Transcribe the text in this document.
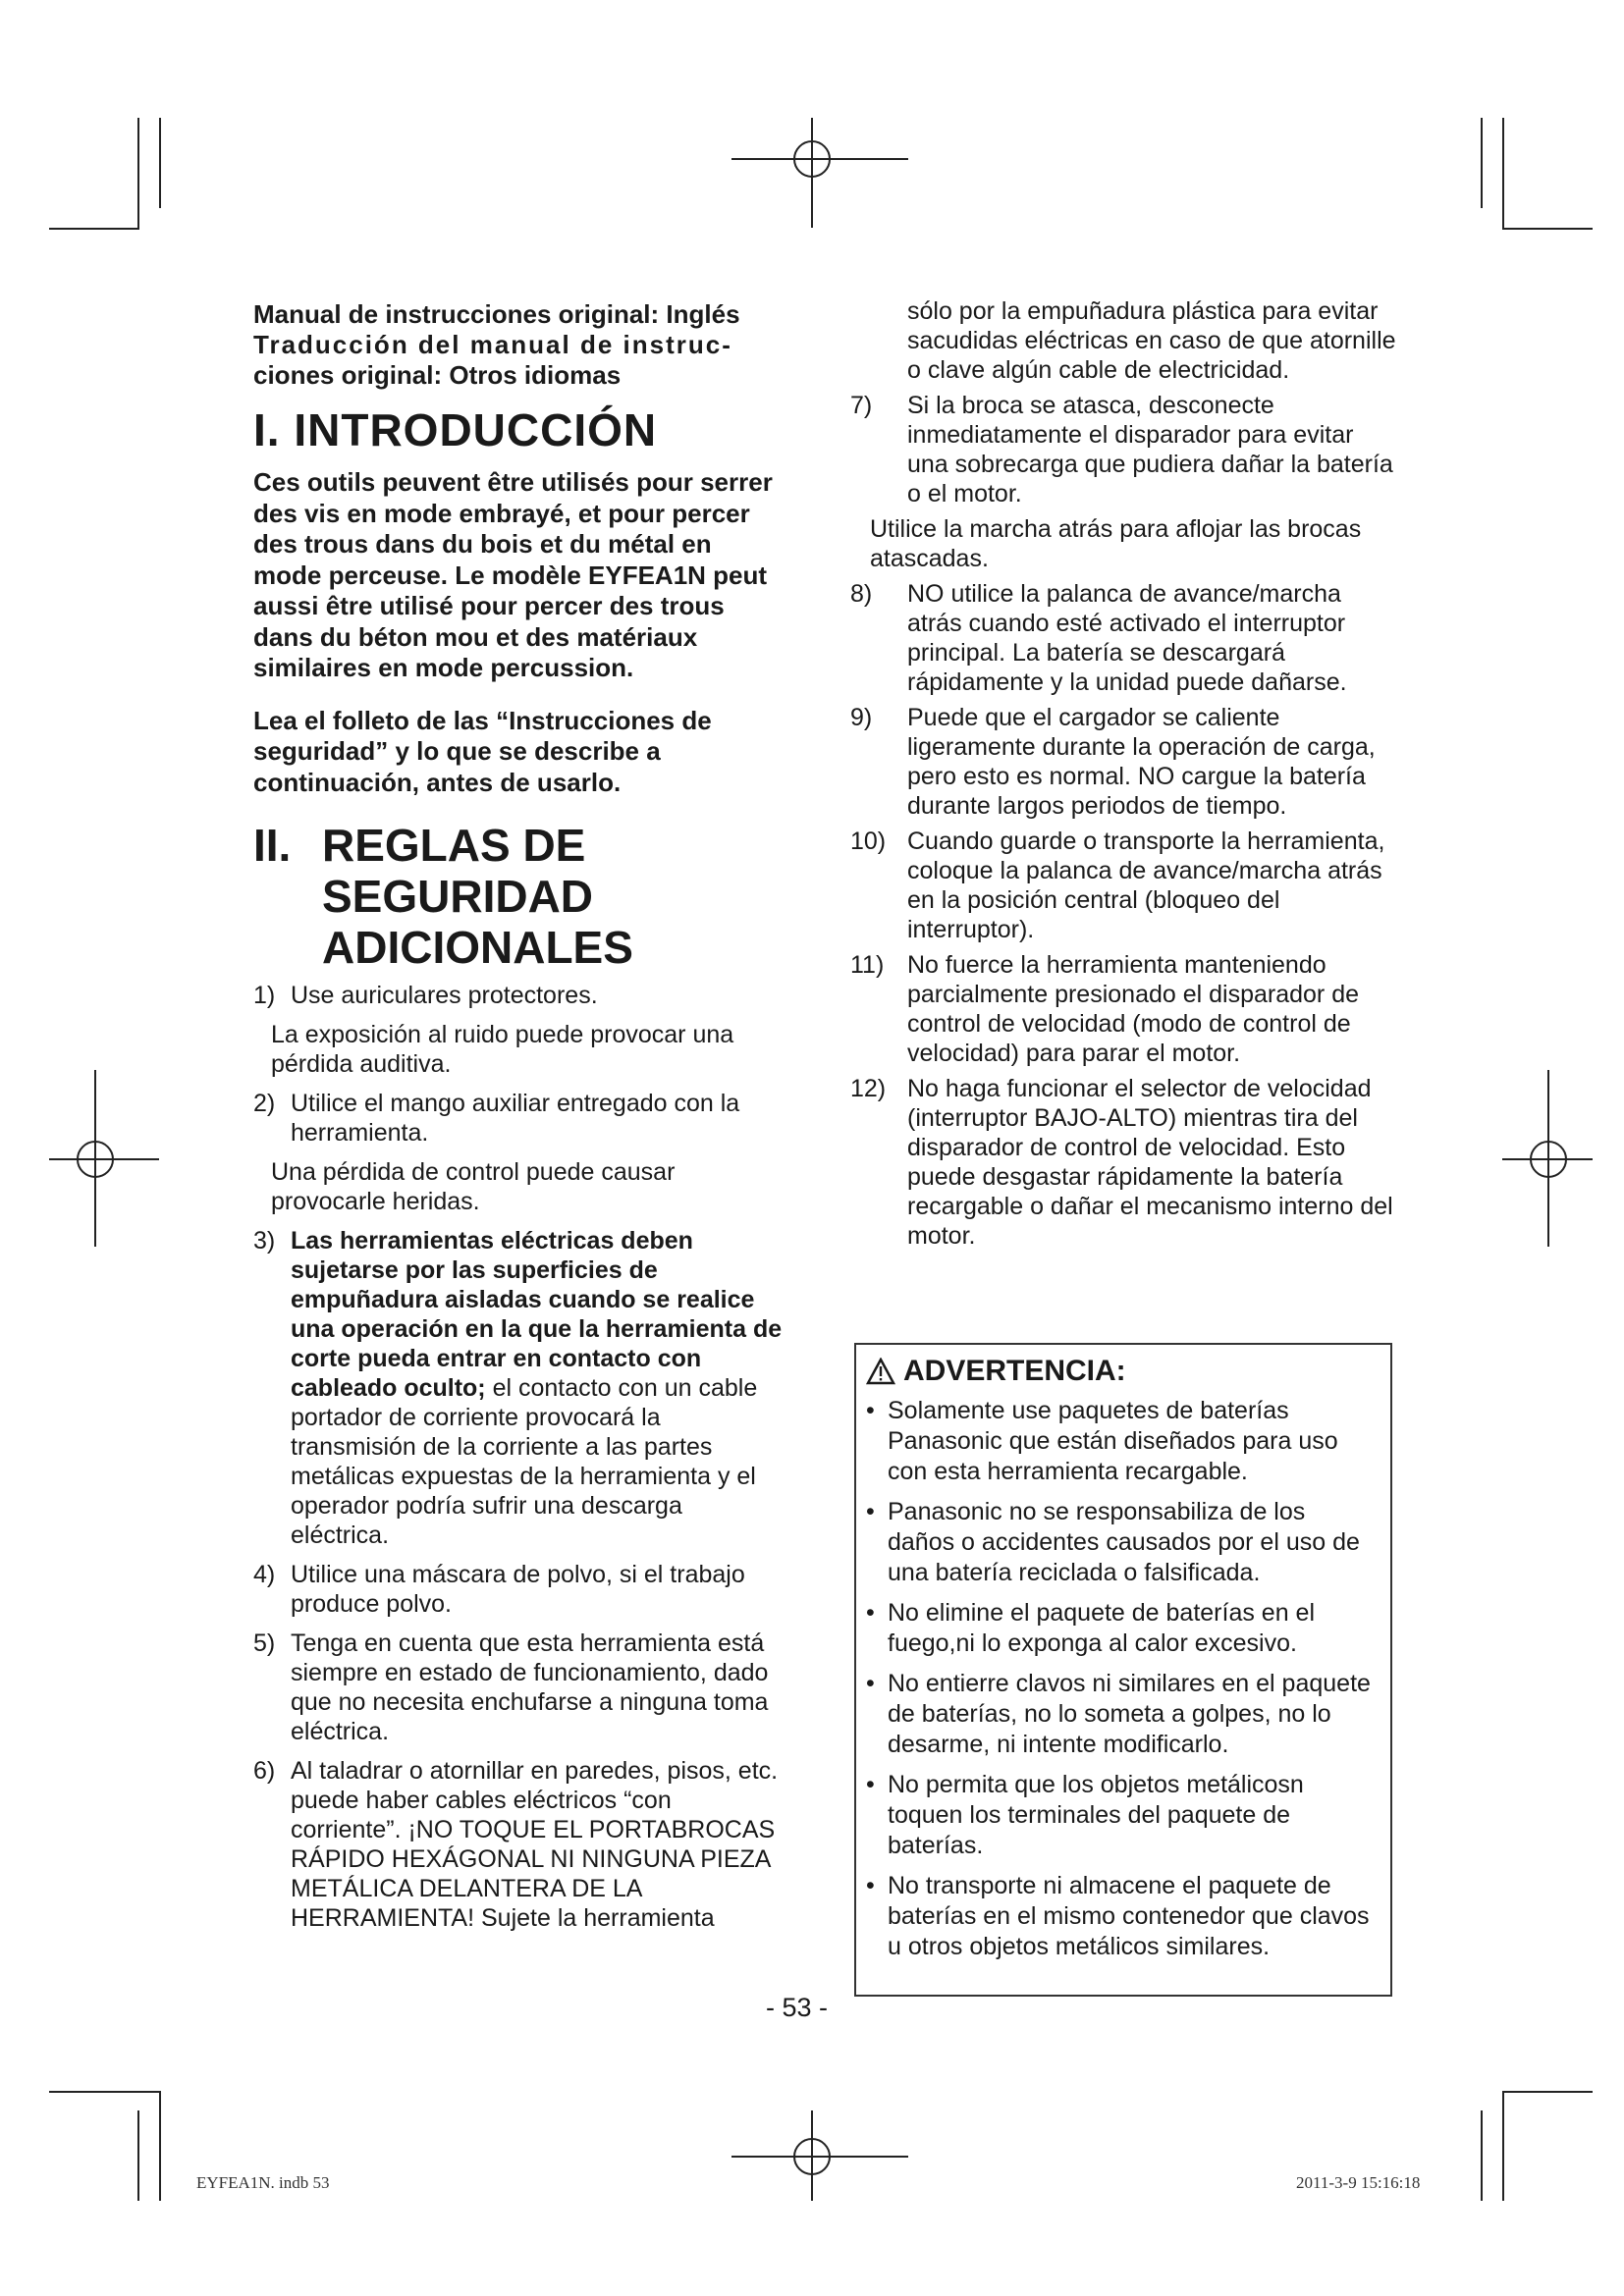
Manual de instrucciones original: Inglés
Traducción del manual de instruc-
ciones original: Otros idiomas
I. INTRODUCCIÓN

Ces outils peuvent être utilisés pour serrer des vis en mode embrayé, et pour percer des trous dans du bois et du métal en mode perceuse. Le modèle EYFEA1N peut aussi être utilisé pour percer des trous dans du béton mou et des matériaux similaires en mode percussion.

Lea el folleto de las “Instrucciones de seguridad” y lo que se describe a continuación, antes de usarlo.

II. REGLAS DE
SEGURIDAD
ADICIONALES
1) Use auriculares protectores.
La exposición al ruido puede provocar una pérdida auditiva.
2) Utilice el mango auxiliar entregado con la herramienta.
Una pérdida de control puede causar provocarle heridas.
3) Las herramientas eléctricas deben sujetarse por las superficies de empuñadura aisladas cuando se realice una operación en la que la herramienta de corte pueda entrar en contacto con cableado oculto; el contacto con un cable portador de corriente provocará la transmisión de la corriente a las partes metálicas expuestas de la herramienta y el operador podría sufrir una descarga eléctrica.
4) Utilice una máscara de polvo, si el trabajo produce polvo.
5) Tenga en cuenta que esta herramienta está siempre en estado de funcionamiento, dado que no necesita enchufarse a ninguna toma eléctrica.
6) Al taladrar o atornillar en paredes, pisos, etc. puede haber cables eléctricos “con corriente”. ¡NO TOQUE EL PORTABROCAS RÁPIDO HEXÁGONAL NI NINGUNA PIEZA METÁLICA DELANTERA DE LA HERRAMIENTA! Sujete la herramienta
sólo por la empuñadura plástica para evitar sacudidas eléctricas en caso de que atornille o clave algún cable de electricidad.
7)	Si la broca se atasca, desconecte inmediatamente el disparador para evitar una sobrecarga que pudiera dañar la batería o el motor.
Utilice la marcha atrás para aflojar las brocas atascadas.
8)	NO utilice la palanca de avance/marcha atrás cuando esté activado el interruptor principal. La batería se descargará rápidamente y la unidad puede dañarse.
9)	Puede que el cargador se caliente ligeramente durante la operación de carga, pero esto es normal. NO cargue la batería durante largos periodos de tiempo.
10) Cuando guarde o transporte la herramienta, coloque la palanca de avance/marcha atrás en la posición central (bloqueo del interruptor).
11) No fuerce la herramienta manteniendo parcialmente presionado el disparador de control de velocidad (modo de control de velocidad) para parar el motor.
12) No haga funcionar el selector de velocidad (interruptor BAJO-ALTO) mientras tira del disparador de control de velocidad. Esto puede desgastar rápidamente la batería recargable o dañar el mecanismo interno del motor.
ADVERTENCIA:
• Solamente use paquetes de baterías Panasonic que están diseñados para uso con esta herramienta recargable.
• Panasonic no se responsabiliza de los daños o accidentes causados por el uso de una batería reciclada o falsificada.
• No elimine el paquete de baterías en el fuego,ni lo exponga al calor excesivo.
• No entierre clavos ni similares en el paquete de baterías, no lo someta a golpes, no lo desarme, ni intente modificarlo.
• No permita que los objetos metálicosn toquen los terminales del paquete de baterías.
• No transporte ni almacene el paquete de baterías en el mismo contenedor que clavos u otros objetos metálicos similares.
- 53 -
EYFEA1N. indb 53	2011-3-9 15:16:18
